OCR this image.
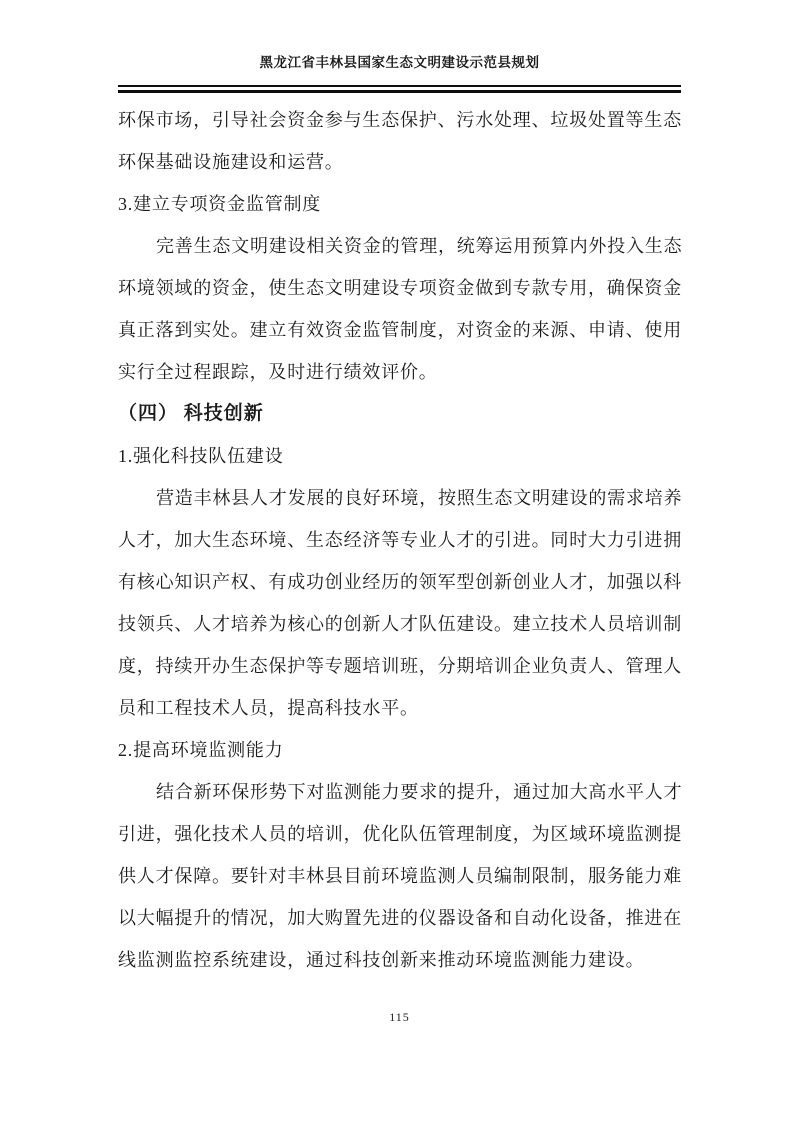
黑龙江省丰林县国家生态文明建设示范县规划
环保市场，引导社会资金参与生态保护、污水处理、垃圾处置等生态
环保基础设施建设和运营。
3.建立专项资金监管制度
完善生态文明建设相关资金的管理，统筹运用预算内外投入生态
环境领域的资金，使生态文明建设专项资金做到专款专用，确保资金
真正落到实处。建立有效资金监管制度，对资金的来源、申请、使用
实行全过程跟踪，及时进行绩效评价。
（四） 科技创新
1.强化科技队伍建设
营造丰林县人才发展的良好环境，按照生态文明建设的需求培养
人才，加大生态环境、生态经济等专业人才的引进。同时大力引进拥
有核心知识产权、有成功创业经历的领军型创新创业人才，加强以科
技领兵、人才培养为核心的创新人才队伍建设。建立技术人员培训制
度，持续开办生态保护等专题培训班，分期培训企业负责人、管理人
员和工程技术人员，提高科技水平。
2.提高环境监测能力
结合新环保形势下对监测能力要求的提升，通过加大高水平人才
引进，强化技术人员的培训，优化队伍管理制度，为区域环境监测提
供人才保障。要针对丰林县目前环境监测人员编制限制，服务能力难
以大幅提升的情况，加大购置先进的仪器设备和自动化设备，推进在
线监测监控系统建设，通过科技创新来推动环境监测能力建设。
115
